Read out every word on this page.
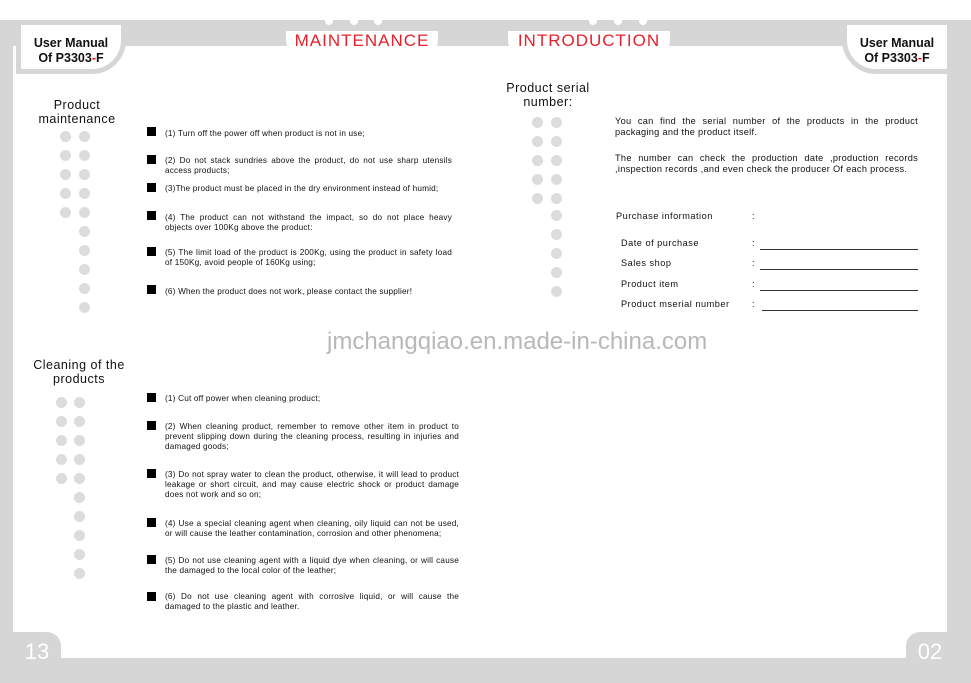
User Manual
Of P3303-F
User Manual
Of P3303-F
MAINTENANCE	INTRODUCTION
Product maintenance
(1) Turn off the power off when product is not in use;
(2) Do not stack sundries above the product, do not use sharp utensils access products;
(3)The product must be placed in the dry environment instead of humid;
(4) The product can not withstand the impact, so do not place heavy objects over 100Kg above the product:
(5) The limit load of the product is 200Kg, using the product in safety load of 150Kg, avoid people of 160Kg using;
(6) When the product does not work, please contact the supplier!
Cleaning of the products
(1) Cut off power when cleaning product;
(2) When cleaning product, remember to remove other item in product to prevent slipping down during the cleaning process, resulting in injuries and damaged goods;
(3) Do not spray water to clean the product, otherwise, it will lead to product leakage or short circuit, and may cause electric shock or product damage does not work and so on;
(4) Use a special cleaning agent when cleaning, oily liquid can not be used, or will cause the leather contamination, corrosion and other phenomena;
(5) Do not use cleaning agent with a liquid dye when cleaning, or will cause the damaged to the local color of the leather;
(6) Do not use cleaning agent with corrosive liquid, or will cause the damaged to the plastic and leather.
Product serial number:
You can find the serial number of the products in the product packaging and the product itself.
The number can check the production date ,production records ,inspection records ,and even check the producer Of each process.
Purchase information	:
Date of purchase	:
Sales shop	:
Product item	:
Product mserial number :
jmchangqiao.en.made-in-china.com
13	02
